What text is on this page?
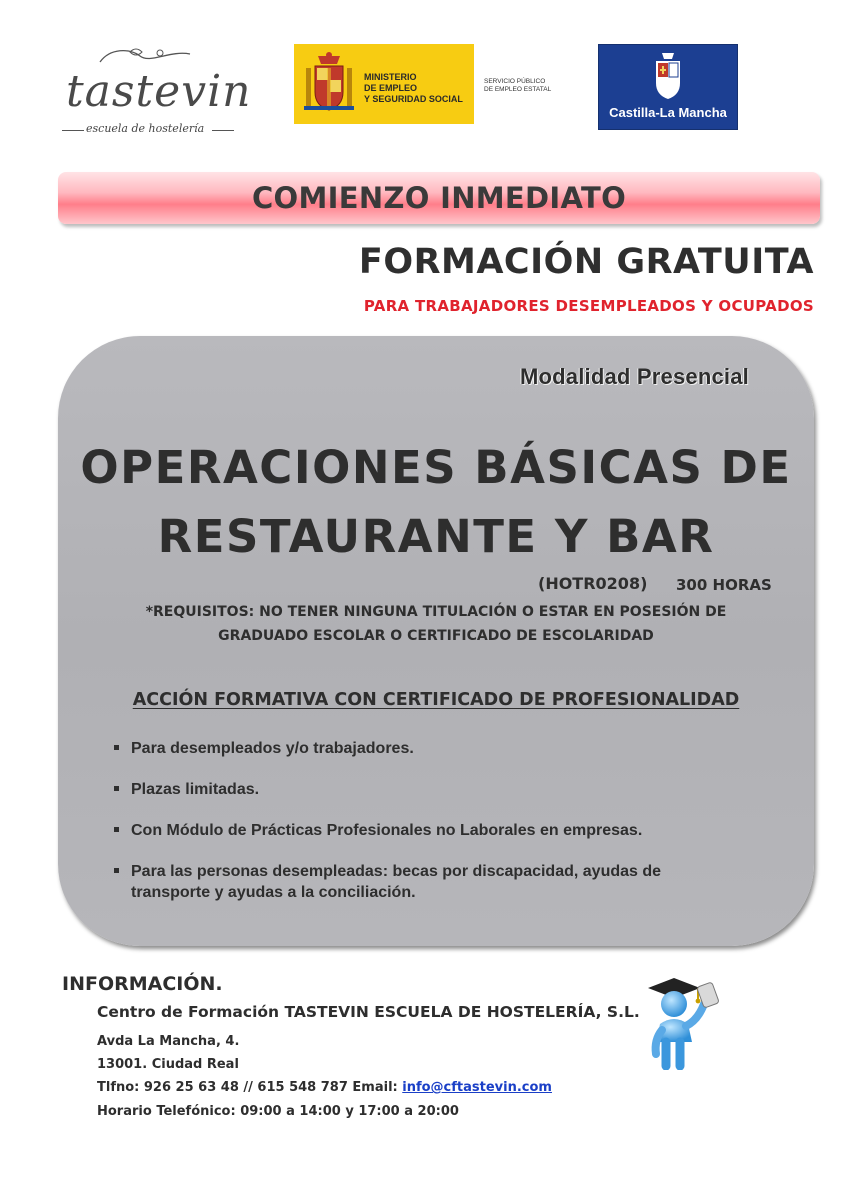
tastevin
escuela de hostelería
MINISTERIO
DE EMPLEO
Y SEGURIDAD SOCIAL
SERVICIO PÚBLICO
DE EMPLEO ESTATAL
Castilla-La Mancha
COMIENZO INMEDIATO
FORMACIÓN GRATUITA
PARA TRABAJADORES DESEMPLEADOS Y OCUPADOS
Modalidad Presencial
OPERACIONES BÁSICAS DE
RESTAURANTE Y BAR
(HOTR0208) 300 HORAS
*REQUISITOS: NO TENER NINGUNA TITULACIÓN O ESTAR EN POSESIÓN DE
GRADUADO ESCOLAR O CERTIFICADO DE ESCOLARIDAD
ACCIÓN FORMATIVA CON CERTIFICADO DE PROFESIONALIDAD
Para desempleados y/o trabajadores.
Plazas limitadas.
Con Módulo de Prácticas Profesionales no Laborales en empresas.
Para las personas desempleadas: becas por discapacidad, ayudas de
transporte y ayudas a la conciliación.
INFORMACIÓN.
Centro de Formación TASTEVIN ESCUELA DE HOSTELERÍA, S.L.
Avda La Mancha, 4.
13001. Ciudad Real
Tlfno: 926 25 63 48 // 615 548 787 Email: info@cftastevin.com
Horario Telefónico: 09:00 a 14:00 y 17:00 a 20:00
